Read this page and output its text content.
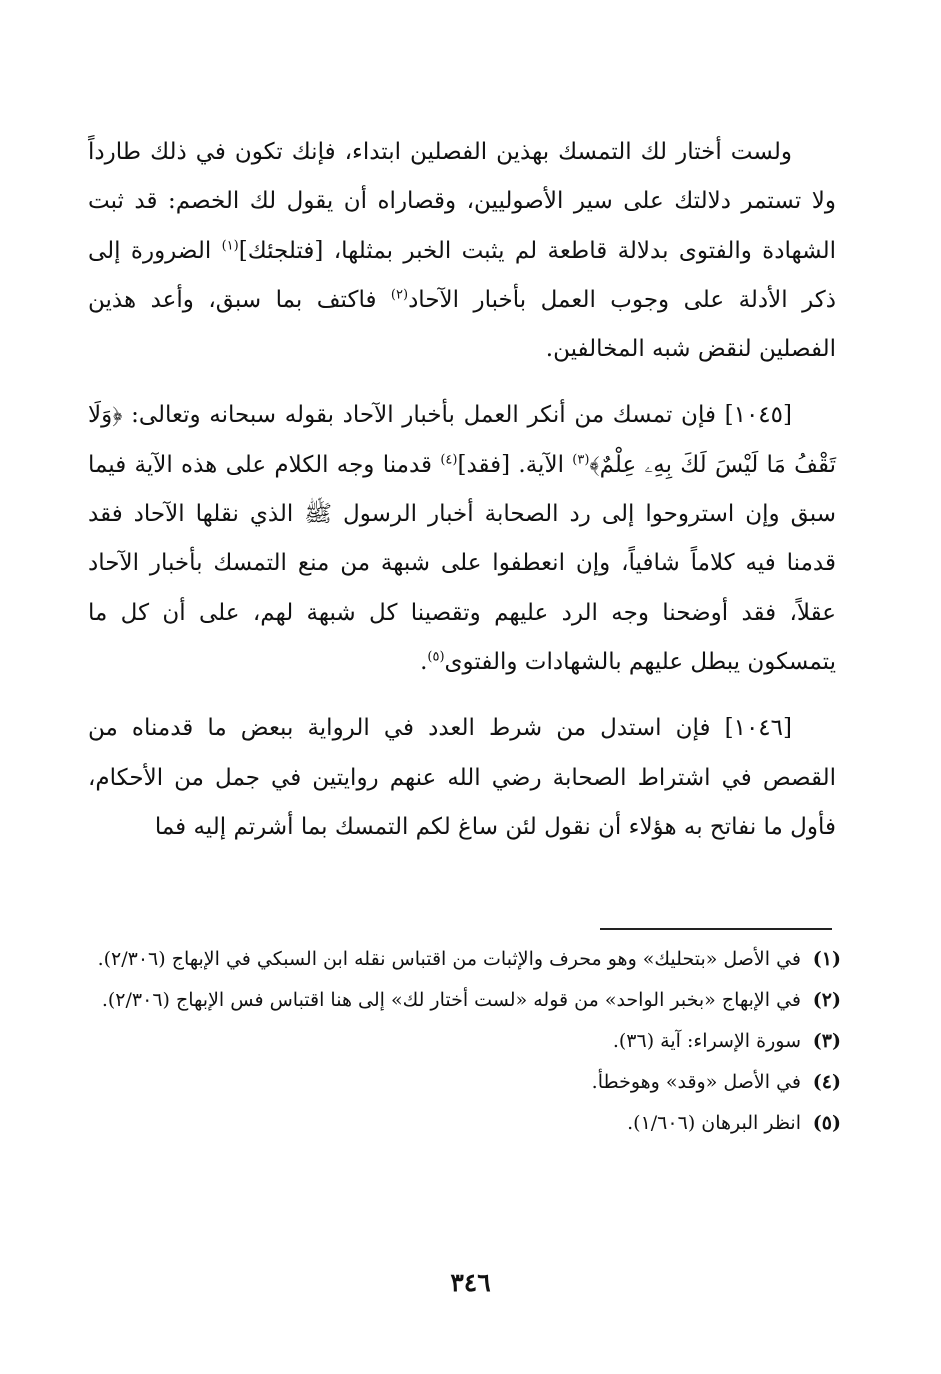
ولست أختار لك التمسك بهذين الفصلين ابتداء، فإنك تكون في ذلك طارداً ولا تستمر دلالتك على سير الأصوليين، وقصاراه أن يقول لك الخصم: قد ثبت الشهادة والفتوى بدلالة قاطعة لم يثبت الخبر بمثلها، [فتلجئك]$^{(١)}$ الضرورة إلى ذكر الأدلة على وجوب العمل بأخبار الآحاد$^{(٢)}$ فاكتف بما سبق، وأعد هذين الفصلين لنقض شبه المخالفين.

[١٠٤٥] فإن تمسك من أنكر العمل بأخبار الآحاد بقوله سبحانه وتعالى: ﴿وَلَا تَقْفُ مَا لَيْسَ لَكَ بِهِۦ عِلْمٌ﴾$^{(٣)}$ الآية. [فقد]$^{(٤)}$ قدمنا وجه الكلام على هذه الآية فيما سبق وإن استروحوا إلى رد الصحابة أخبار الرسول ﷺ الذي نقلها الآحاد فقد قدمنا فيه كلاماً شافياً، وإن انعطفوا على شبهة من منع التمسك بأخبار الآحاد عقلاً، فقد أوضحنا وجه الرد عليهم وتقصينا كل شبهة لهم، على أن كل ما يتمسكون يبطل عليهم بالشهادات والفتوى$^{(٥)}$.

[١٠٤٦] فإن استدل من شرط العدد في الرواية ببعض ما قدمناه من القصص في اشتراط الصحابة رضي الله عنهم روايتين في جمل من الأحكام، فأول ما نفاتح به هؤلاء أن نقول لئن ساغ لكم التمسك بما أشرتم إليه فما

(١)
في الأصل «بتحليك» وهو محرف والإثبات من اقتباس نقله ابن السبكي في الإبهاج (٢/٣٠٦).
(٢)
في الإبهاج «بخبر الواحد» من قوله «لست أختار لك» إلى هنا اقتباس فس الإبهاج (٢/٣٠٦).
(٣)
سورة الإسراء: آية (٣٦).
(٤)
في الأصل «وقد» وهوخطأ.
(٥)
انظر البرهان (١/٦٠٦).
٣٤٦
